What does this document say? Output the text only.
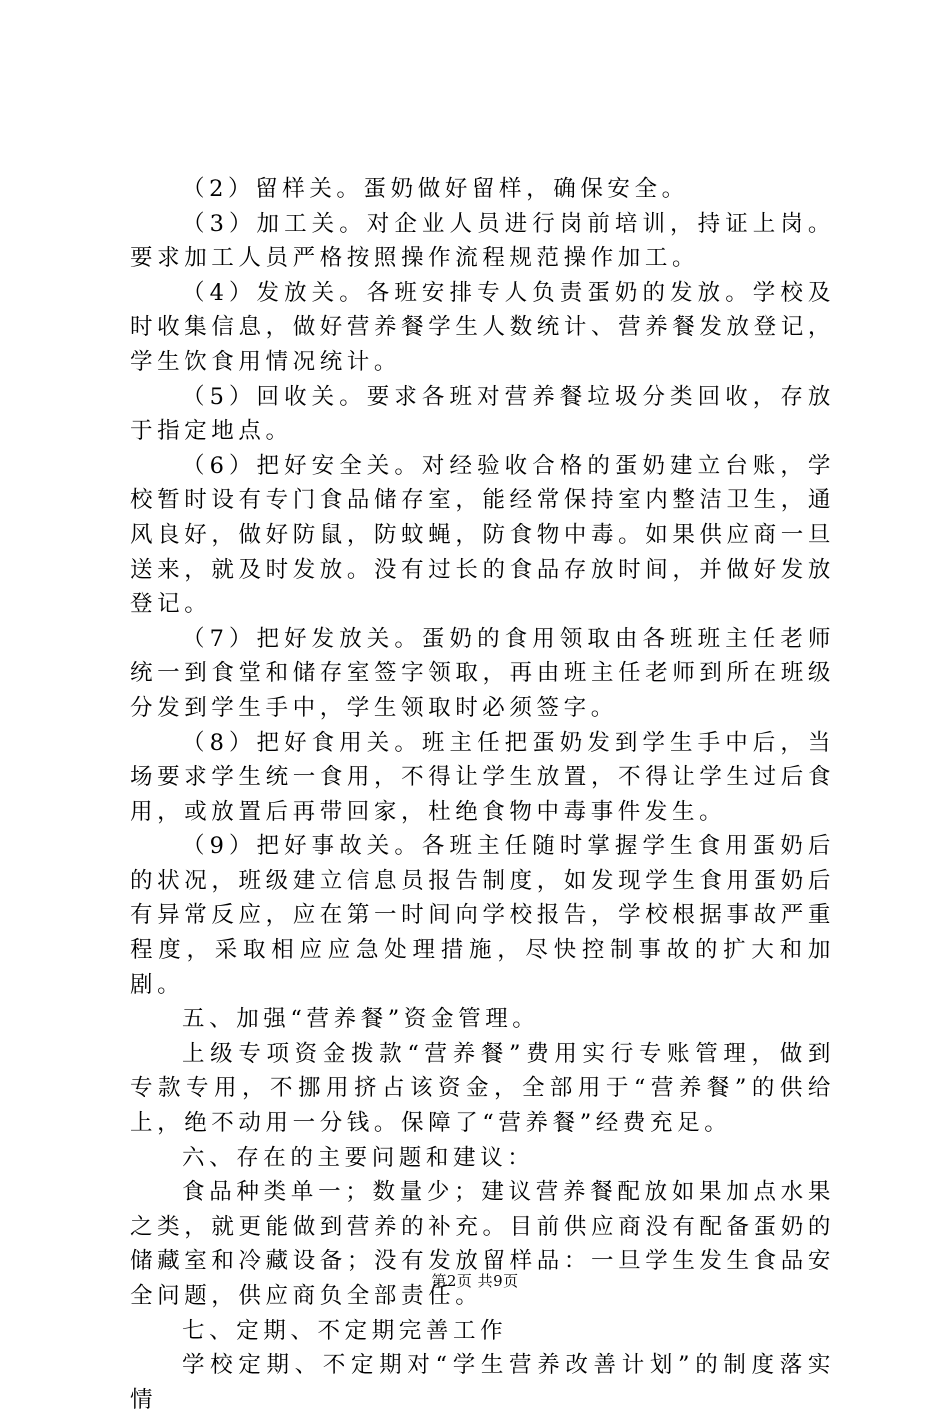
（2）留样关。蛋奶做好留样，确保安全。

（3）加工关。对企业人员进行岗前培训，持证上岗。要求加工人员严格按照操作流程规范操作加工。

（4）发放关。各班安排专人负责蛋奶的发放。学校及时收集信息，做好营养餐学生人数统计、营养餐发放登记，学生饮食用情况统计。

（5）回收关。要求各班对营养餐垃圾分类回收，存放于指定地点。

（6）把好安全关。对经验收合格的蛋奶建立台账，学校暂时设有专门食品储存室，能经常保持室内整洁卫生，通风良好，做好防鼠，防蚊蝇，防食物中毒。如果供应商一旦送来，就及时发放。没有过长的食品存放时间，并做好发放登记。

（7）把好发放关。蛋奶的食用领取由各班班主任老师统一到食堂和储存室签字领取，再由班主任老师到所在班级分发到学生手中，学生领取时必须签字。

（8）把好食用关。班主任把蛋奶发到学生手中后，当场要求学生统一食用，不得让学生放置，不得让学生过后食用，或放置后再带回家，杜绝食物中毒事件发生。

（9）把好事故关。各班主任随时掌握学生食用蛋奶后的状况，班级建立信息员报告制度，如发现学生食用蛋奶后有异常反应，应在第一时间向学校报告，学校根据事故严重程度，采取相应应急处理措施，尽快控制事故的扩大和加剧。

五、加强“营养餐”资金管理。

上级专项资金拨款“营养餐”费用实行专账管理，做到专款专用，不挪用挤占该资金，全部用于“营养餐”的供给上，绝不动用一分钱。保障了“营养餐”经费充足。

六、存在的主要问题和建议：

食品种类单一；数量少；建议营养餐配放如果加点水果之类，就更能做到营养的补充。目前供应商没有配备蛋奶的储藏室和冷藏设备；没有发放留样品：一旦学生发生食品安全问题，供应商负全部责任。

七、定期、不定期完善工作

学校定期、不定期对“学生营养改善计划”的制度落实情

第2页 共9页
